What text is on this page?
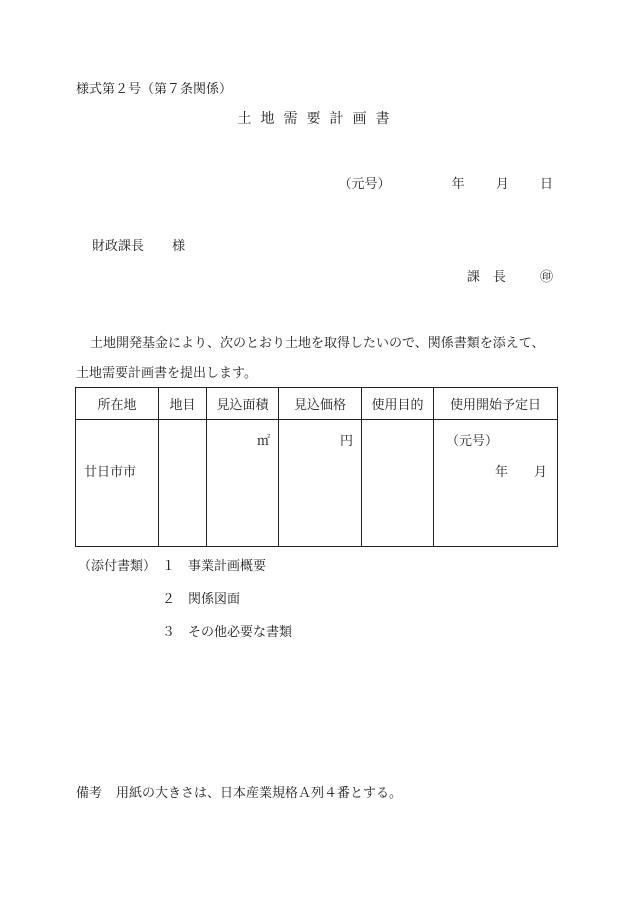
様式第２号（第７条関係）
土地需要計画書
（元号）	年 月 日
財政課長 様
課　長	㊞
土地開発基金により、次のとおり土地を取得したいので、関係書類を添えて、土地需要計画書を提出します。
所在地	地目	見込面積	見込価格	使用目的	使用開始予定日

廿日市市		㎡	円		（元号）
年 月
（添付書類） １ 事業計画概要
２ 関係図面
３ その他必要な書類
備考 用紙の大きさは、日本産業規格Ａ列４番とする。
